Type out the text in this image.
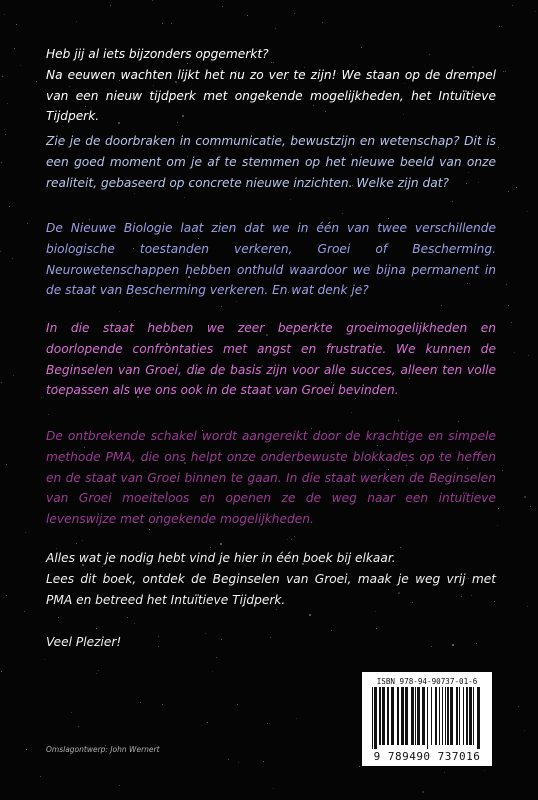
Heb jij al iets bijzonders opgemerkt?

Na eeuwen wachten lijkt het nu zo ver te zijn! We staan op de drempel van een nieuw tijdperk met ongekende mogelijkheden, het Intuïtieve Tijdperk.

Zie je de doorbraken in communicatie, bewustzijn en wetenschap? Dit is een goed moment om je af te stemmen op het nieuwe beeld van onze realiteit, gebaseerd op concrete nieuwe inzichten. Welke zijn dat?

De Nieuwe Biologie laat zien dat we in één van twee verschillende biologische toestanden verkeren, Groei of Bescherming. Neurowetenschappen hebben onthuld waardoor we bijna permanent in de staat van Bescherming verkeren. En wat denk je?

In die staat hebben we zeer beperkte groeimogelijkheden en doorlopende confrontaties met angst en frustratie. We kunnen de Beginselen van Groei, die de basis zijn voor alle succes, alleen ten volle toepassen als we ons ook in de staat van Groei bevinden.

De ontbrekende schakel wordt aangereikt door de krachtige en simpele methode PMA, die ons helpt onze onderbewuste blokkades op te heffen en de staat van Groei binnen te gaan. In die staat werken de Beginselen van Groei moeiteloos en openen ze de weg naar een intuïtieve levenswijze met ongekende mogelijkheden.

Alles wat je nodig hebt vind je hier in één boek bij elkaar.

Lees dit boek, ontdek de Beginselen van Groei, maak je weg vrij met PMA en betreed het Intuïtieve Tijdperk.

Veel Plezier!

Omslagontwerp: John Wernert
ISBN 978-94-90737-01-6
9 789490 737016
